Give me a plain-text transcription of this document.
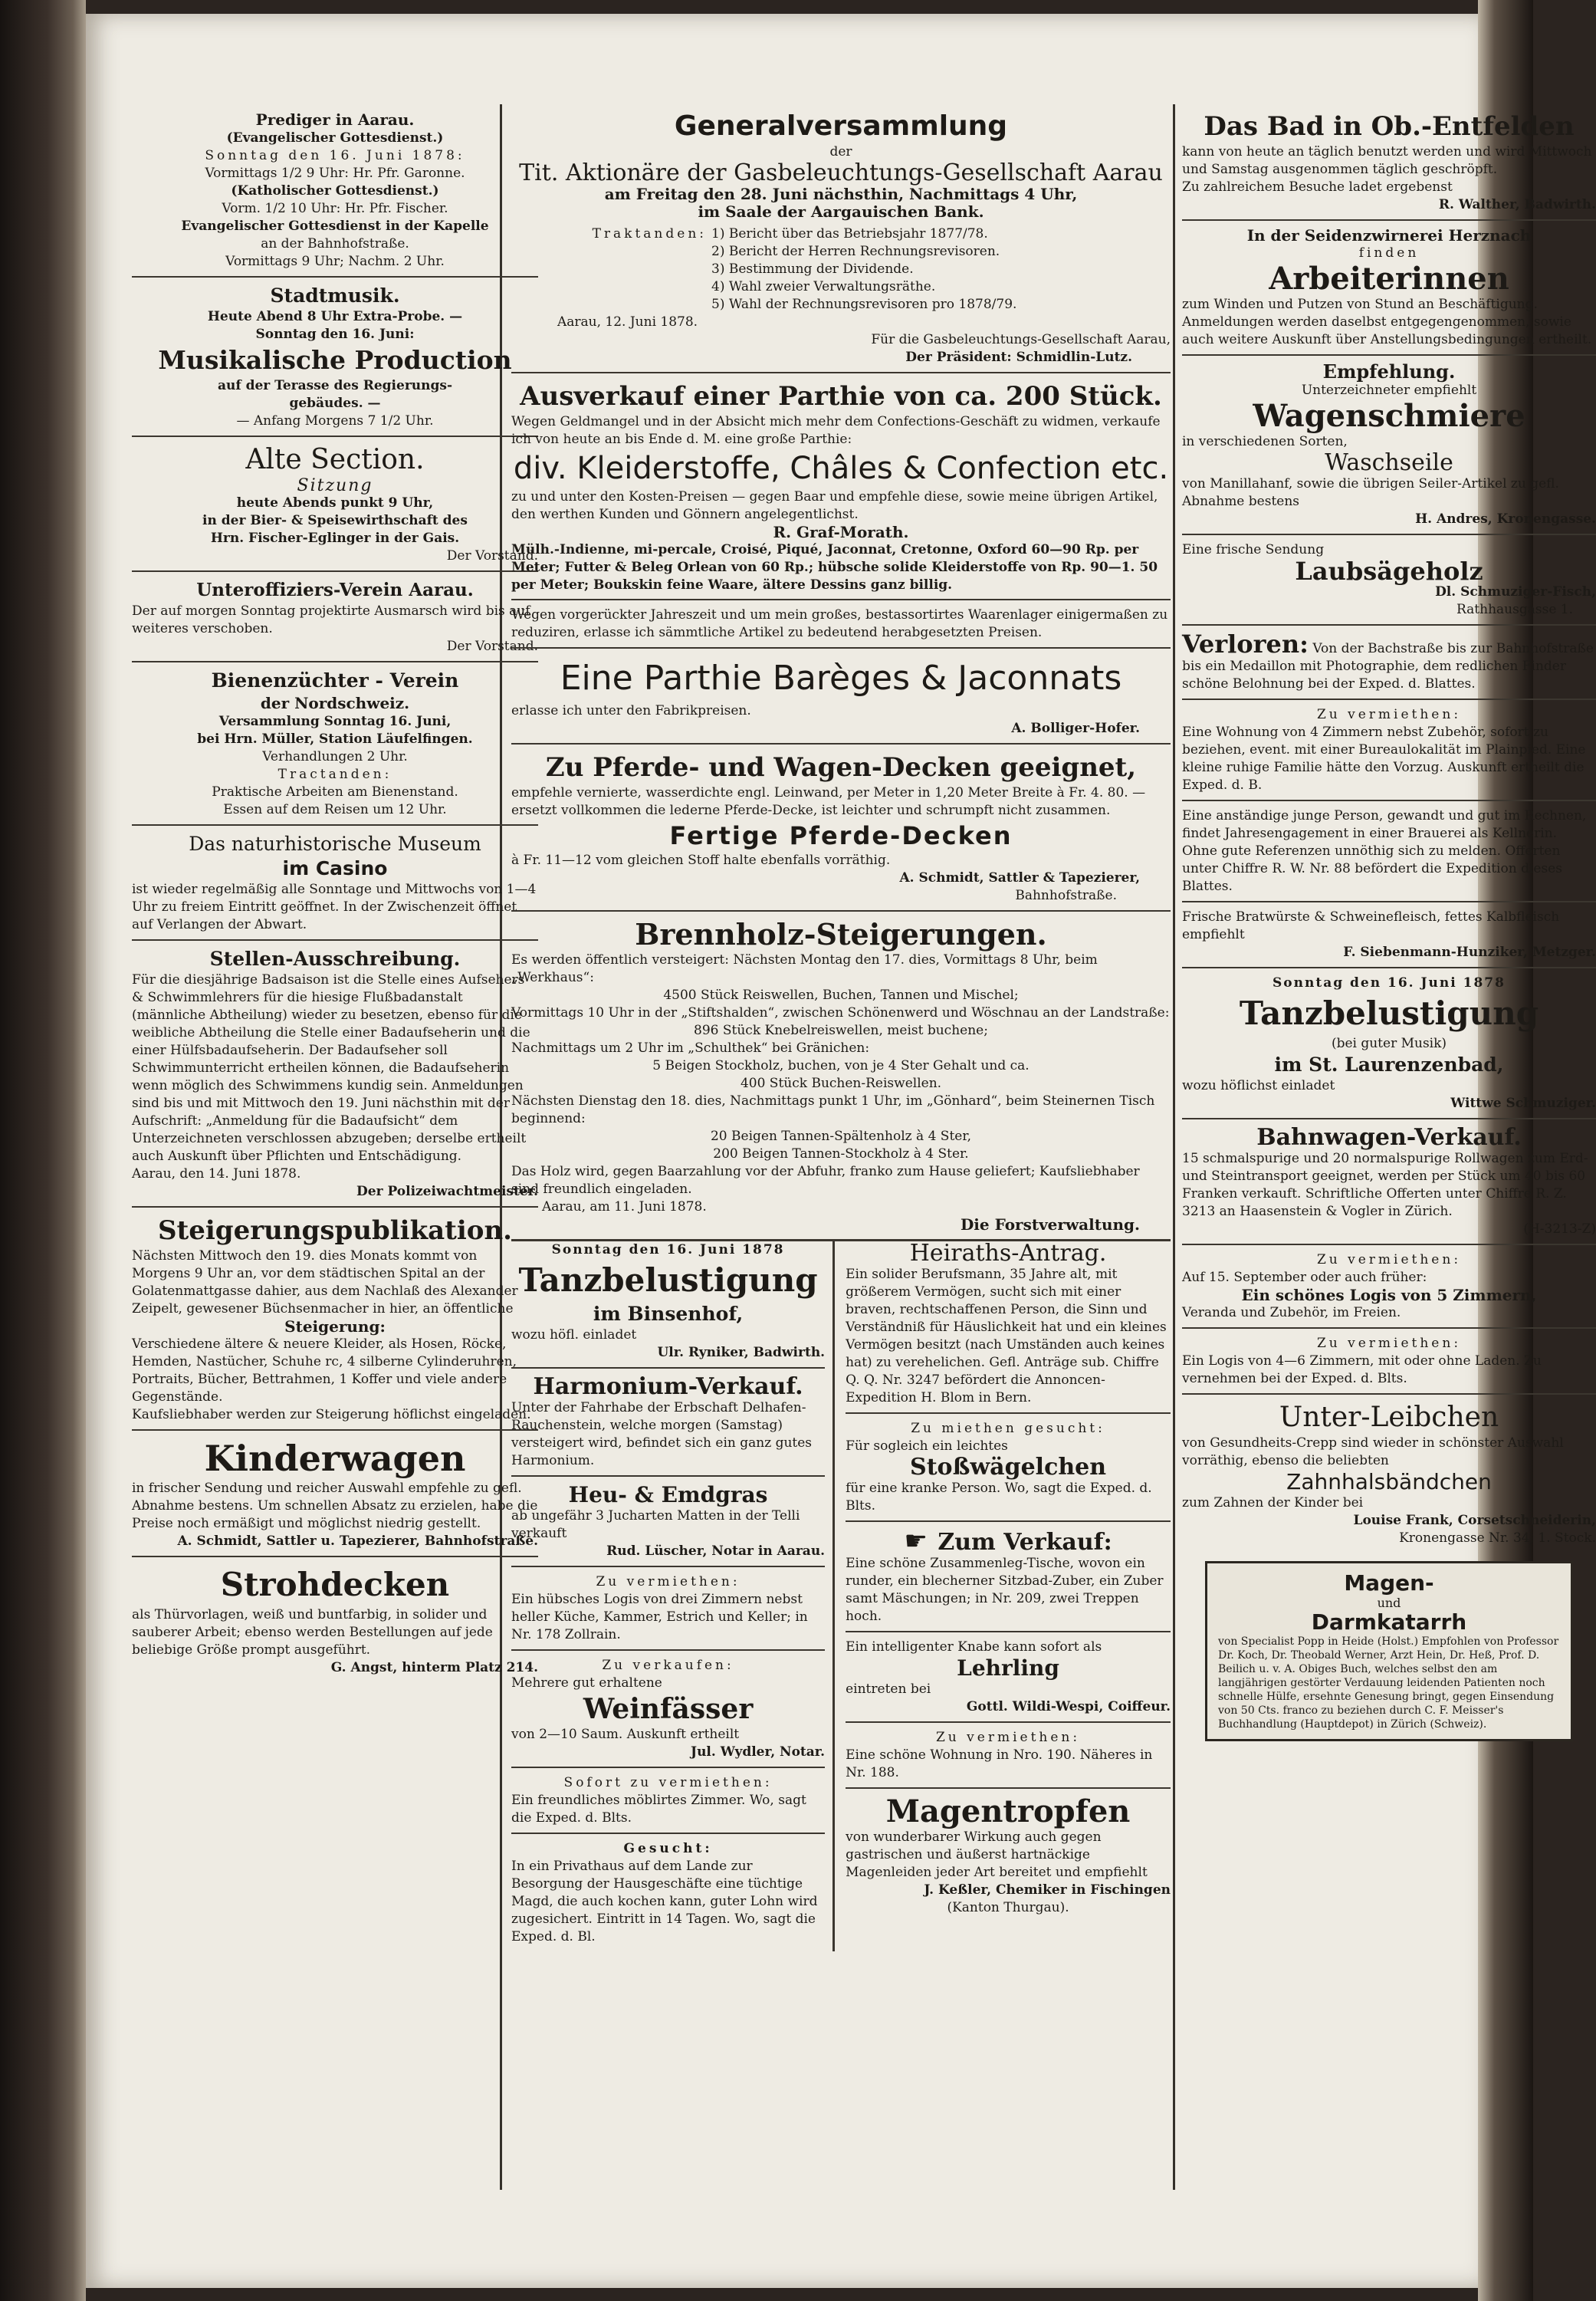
Prediger in Aarau.
(Evangelischer Gottesdienst.)
Sonntag den 16. Juni 1878:
Vormittags 1/2 9 Uhr: Hr. Pfr. Garonne.
(Katholischer Gottesdienst.)
Vorm. 1/2 10 Uhr: Hr. Pfr. Fischer.
Evangelischer Gottesdienst in der Kapelle
an der Bahnhofstraße.
Vormittags 9 Uhr; Nachm. 2 Uhr.
Stadtmusik.
Heute Abend 8 Uhr Extra-Probe. —
Sonntag den 16. Juni:
Musikalische Production
auf der Terasse des Regierungs-
gebäudes. —
— Anfang Morgens 7 1/2 Uhr.
Alte Section.
Sitzung
heute Abends punkt 9 Uhr,
in der Bier- & Speisewirthschaft des
Hrn. Fischer-Eglinger in der Gais.
Der Vorstand.
Unteroffiziers-Verein Aarau.
Der auf morgen Sonntag projektirte Ausmarsch wird bis auf weiteres verschoben.
Der Vorstand.
Bienenzüchter - Verein
der Nordschweiz.
Versammlung Sonntag 16. Juni,
bei Hrn. Müller, Station Läufelfingen.
Verhandlungen 2 Uhr.
Tractanden:
Praktische Arbeiten am Bienenstand.
Essen auf dem Reisen um 12 Uhr.
Das naturhistorische Museum
im Casino
ist wieder regelmäßig alle Sonntage und Mittwochs von 1—4 Uhr zu freiem Eintritt geöffnet. In der Zwischenzeit öffnet auf Verlangen der Abwart.
Stellen-Ausschreibung.
Für die diesjährige Badsaison ist die Stelle eines Aufsehers & Schwimmlehrers für die hiesige Flußbadanstalt (männliche Abtheilung) wieder zu besetzen, ebenso für die weibliche Abtheilung die Stelle einer Badaufseherin und die einer Hülfsbadaufseherin. Der Badaufseher soll Schwimmunterricht ertheilen können, die Badaufseherin wenn möglich des Schwimmens kundig sein. Anmeldungen sind bis und mit Mittwoch den 19. Juni nächsthin mit der Aufschrift: „Anmeldung für die Badaufsicht“ dem Unterzeichneten verschlossen abzugeben; derselbe ertheilt auch Auskunft über Pflichten und Entschädigung.
Aarau, den 14. Juni 1878.
Der Polizeiwachtmeister.
Steigerungspublikation.
Nächsten Mittwoch den 19. dies Monats kommt von Morgens 9 Uhr an, vor dem städtischen Spital an der Golatenmattgasse dahier, aus dem Nachlaß des Alexander Zeipelt, gewesener Büchsenmacher in hier, an öffentliche
Steigerung:
Verschiedene ältere & neuere Kleider, als Hosen, Röcke, Hemden, Nastücher, Schuhe rc, 4 silberne Cylinderuhren, Portraits, Bücher, Bettrahmen, 1 Koffer und viele andere Gegenstände.
Kaufsliebhaber werden zur Steigerung höflichst eingeladen.
Kinderwagen
in frischer Sendung und reicher Auswahl empfehle zu gefl. Abnahme bestens. Um schnellen Absatz zu erzielen, habe die Preise noch ermäßigt und möglichst niedrig gestellt.
A. Schmidt, Sattler u. Tapezierer, Bahnhofstraße.
Strohdecken
als Thürvorlagen, weiß und buntfarbig, in solider und sauberer Arbeit; ebenso werden Bestellungen auf jede beliebige Größe prompt ausgeführt.
G. Angst, hinterm Platz 214.
Generalversammlung
der
Tit. Aktionäre der Gasbeleuchtungs-Gesellschaft Aarau
am Freitag den 28. Juni nächsthin, Nachmittags 4 Uhr,
im Saale der Aargauischen Bank.
Traktanden: 1) Bericht über das Betriebsjahr 1877/78.
2) Bericht der Herren Rechnungsrevisoren.
3) Bestimmung der Dividende.
4) Wahl zweier Verwaltungsräthe.
5) Wahl der Rechnungsrevisoren pro 1878/79.
Aarau, 12. Juni 1878.
Für die Gasbeleuchtungs-Gesellschaft Aarau,
Der Präsident: Schmidlin-Lutz.
Ausverkauf einer Parthie von ca. 200 Stück.
Wegen Geldmangel und in der Absicht mich mehr dem Confections-Geschäft zu widmen, verkaufe ich von heute an bis Ende d. M. eine große Parthie:
div. Kleiderstoffe, Châles & Confection etc.
zu und unter den Kosten-Preisen — gegen Baar und empfehle diese, sowie meine übrigen Artikel, den werthen Kunden und Gönnern angelegentlichst.
R. Graf-Morath.
Mülh.-Indienne, mi-percale, Croisé, Piqué, Jaconnat, Cretonne, Oxford 60—90 Rp. per Meter; Futter & Beleg Orlean von 60 Rp.; hübsche solide Kleiderstoffe von Rp. 90—1. 50 per Meter; Boukskin feine Waare, ältere Dessins ganz billig.
Wegen vorgerückter Jahreszeit und um mein großes, bestassortirtes Waarenlager einigermaßen zu reduziren, erlasse ich sämmtliche Artikel zu bedeutend herabgesetzten Preisen.
Eine Parthie Barèges & Jaconnats
erlasse ich unter den Fabrikpreisen.
A. Bolliger-Hofer.
Zu Pferde- und Wagen-Decken geeignet,
empfehle vernierte, wasserdichte engl. Leinwand, per Meter in 1,20 Meter Breite à Fr. 4. 80. — ersetzt vollkommen die lederne Pferde-Decke, ist leichter und schrumpft nicht zusammen.
Fertige Pferde-Decken
à Fr. 11—12 vom gleichen Stoff halte ebenfalls vorräthig.
A. Schmidt, Sattler & Tapezierer,
Bahnhofstraße.
Brennholz-Steigerungen.
Es werden öffentlich versteigert: Nächsten Montag den 17. dies, Vormittags 8 Uhr, beim „Werkhaus“:
4500 Stück Reiswellen, Buchen, Tannen und Mischel;
Vormittags 10 Uhr in der „Stiftshalden“, zwischen Schönenwerd und Wöschnau an der Landstraße:
896 Stück Knebelreiswellen, meist buchene;
Nachmittags um 2 Uhr im „Schulthek“ bei Gränichen:
5 Beigen Stockholz, buchen, von je 4 Ster Gehalt und ca.
400 Stück Buchen-Reiswellen.
Nächsten Dienstag den 18. dies, Nachmittags punkt 1 Uhr, im „Gönhard“, beim Steinernen Tisch beginnend:
20 Beigen Tannen-Spältenholz à 4 Ster,
200 Beigen Tannen-Stockholz à 4 Ster.
Das Holz wird, gegen Baarzahlung vor der Abfuhr, franko zum Hause geliefert; Kaufsliebhaber sind freundlich eingeladen.
Aarau, am 11. Juni 1878.
Die Forstverwaltung.
Sonntag den 16. Juni 1878
Tanzbelustigung
im Binsenhof,
wozu höfl. einladet
Ulr. Ryniker, Badwirth.
Harmonium-Verkauf.
Unter der Fahrhabe der Erbschaft Delhafen-Rauchenstein, welche morgen (Samstag) versteigert wird, befindet sich ein ganz gutes Harmonium.
Heu- & Emdgras
ab ungefähr 3 Jucharten Matten in der Telli verkauft
Rud. Lüscher, Notar in Aarau.
Zu vermiethen:
Ein hübsches Logis von drei Zimmern nebst heller Küche, Kammer, Estrich und Keller; in Nr. 178 Zollrain.
Zu verkaufen:
Mehrere gut erhaltene
Weinfässer
von 2—10 Saum. Auskunft ertheilt
Jul. Wydler, Notar.
Sofort zu vermiethen:
Ein freundliches möblirtes Zimmer. Wo, sagt die Exped. d. Blts.
Gesucht:
In ein Privathaus auf dem Lande zur Besorgung der Hausgeschäfte eine tüchtige Magd, die auch kochen kann, guter Lohn wird zugesichert. Eintritt in 14 Tagen. Wo, sagt die Exped. d. Bl.
Heiraths-Antrag.
Ein solider Berufsmann, 35 Jahre alt, mit größerem Vermögen, sucht sich mit einer braven, rechtschaffenen Person, die Sinn und Verständniß für Häuslichkeit hat und ein kleines Vermögen besitzt (nach Umständen auch keines hat) zu verehelichen. Gefl. Anträge sub. Chiffre Q. Q. Nr. 3247 befördert die Annoncen-Expedition H. Blom in Bern.
Zu miethen gesucht:
Für sogleich ein leichtes
Stoßwägelchen
für eine kranke Person. Wo, sagt die Exped. d. Blts.
☛ Zum Verkauf:
Eine schöne Zusammenleg-Tische, wovon ein runder, ein blecherner Sitzbad-Zuber, ein Zuber samt Mäschungen; in Nr. 209, zwei Treppen hoch.
Ein intelligenter Knabe kann sofort als
Lehrling
eintreten bei
Gottl. Wildi-Wespi, Coiffeur.
Zu vermiethen:
Eine schöne Wohnung in Nro. 190. Näheres in Nr. 188.
Magentropfen
von wunderbarer Wirkung auch gegen gastrischen und äußerst hartnäckige Magenleiden jeder Art bereitet und empfiehlt
J. Keßler, Chemiker in Fischingen
(Kanton Thurgau).
Das Bad in Ob.-Entfelden
kann von heute an täglich benutzt werden und wird Mittwoch und Samstag ausgenommen täglich geschröpft.
Zu zahlreichem Besuche ladet ergebenst
R. Walther, Badwirth.
In der Seidenzwirnerei Herznach
finden
Arbeiterinnen
zum Winden und Putzen von Stund an Beschäftigung. Anmeldungen werden daselbst entgegengenommen, sowie auch weitere Auskunft über Anstellungsbedingungen ertheilt.
Empfehlung.
Unterzeichneter empfiehlt
Wagenschmiere
in verschiedenen Sorten,
Waschseile
von Manillahanf, sowie die übrigen Seiler-Artikel zu gefl. Abnahme bestens
H. Andres, Kronengasse.
Eine frische Sendung
Laubsägeholz
Dl. Schmuziger-Fisch,
Rathhausgasse 1.
Verloren: Von der Bachstraße bis zur Bahnhofstraße bis ein Medaillon mit Photographie, dem redlichen Finder schöne Belohnung bei der Exped. d. Blattes.
Zu vermiethen:
Eine Wohnung von 4 Zimmern nebst Zubehör, sofort zu beziehen, event. mit einer Bureaulokalität im Plainpied. Eine kleine ruhige Familie hätte den Vorzug. Auskunft ertheilt die Exped. d. B.
Eine anständige junge Person, gewandt und gut im Rechnen, findet Jahresengagement in einer Brauerei als Kellnerin. Ohne gute Referenzen unnöthig sich zu melden. Offerten unter Chiffre R. W. Nr. 88 befördert die Expedition dieses Blattes.
Frische Bratwürste & Schweinefleisch, fettes Kalbfleisch empfiehlt
F. Siebenmann-Hunziker, Metzger.
Sonntag den 16. Juni 1878
Tanzbelustigung
(bei guter Musik)
im St. Laurenzenbad,
wozu höflichst einladet
Wittwe Schmuziger.
Bahnwagen-Verkauf.
15 schmalspurige und 20 normalspurige Rollwagen zum Erd- und Steintransport geeignet, werden per Stück um 40 bis 60 Franken verkauft. Schriftliche Offerten unter Chiffre R. Z. 3213 an Haasenstein & Vogler in Zürich.
(H-3213-Z)
Zu vermiethen:
Auf 15. September oder auch früher:
Ein schönes Logis von 5 Zimmern,
Veranda und Zubehör, im Freien.
Zu vermiethen:
Ein Logis von 4—6 Zimmern, mit oder ohne Laden. Zu vernehmen bei der Exped. d. Blts.
Unter-Leibchen
von Gesundheits-Crepp sind wieder in schönster Auswahl vorräthig, ebenso die beliebten
Zahnhalsbändchen
zum Zahnen der Kinder bei
Louise Frank, Corsetschneiderin,
Kronengasse Nr. 34, 1. Stock.
Magen-
und
Darmkatarrh
von Specialist Popp in Heide (Holst.) Empfohlen von Professor Dr. Koch, Dr. Theobald Werner, Arzt Hein, Dr. Heß, Prof. D. Beilich u. v. A. Obiges Buch, welches selbst den am langjährigen gestörter Verdauung leidenden Patienten noch schnelle Hülfe, ersehnte Genesung bringt, gegen Einsendung von 50 Cts. franco zu beziehen durch C. F. Meisser's Buchhandlung (Hauptdepot) in Zürich (Schweiz).
